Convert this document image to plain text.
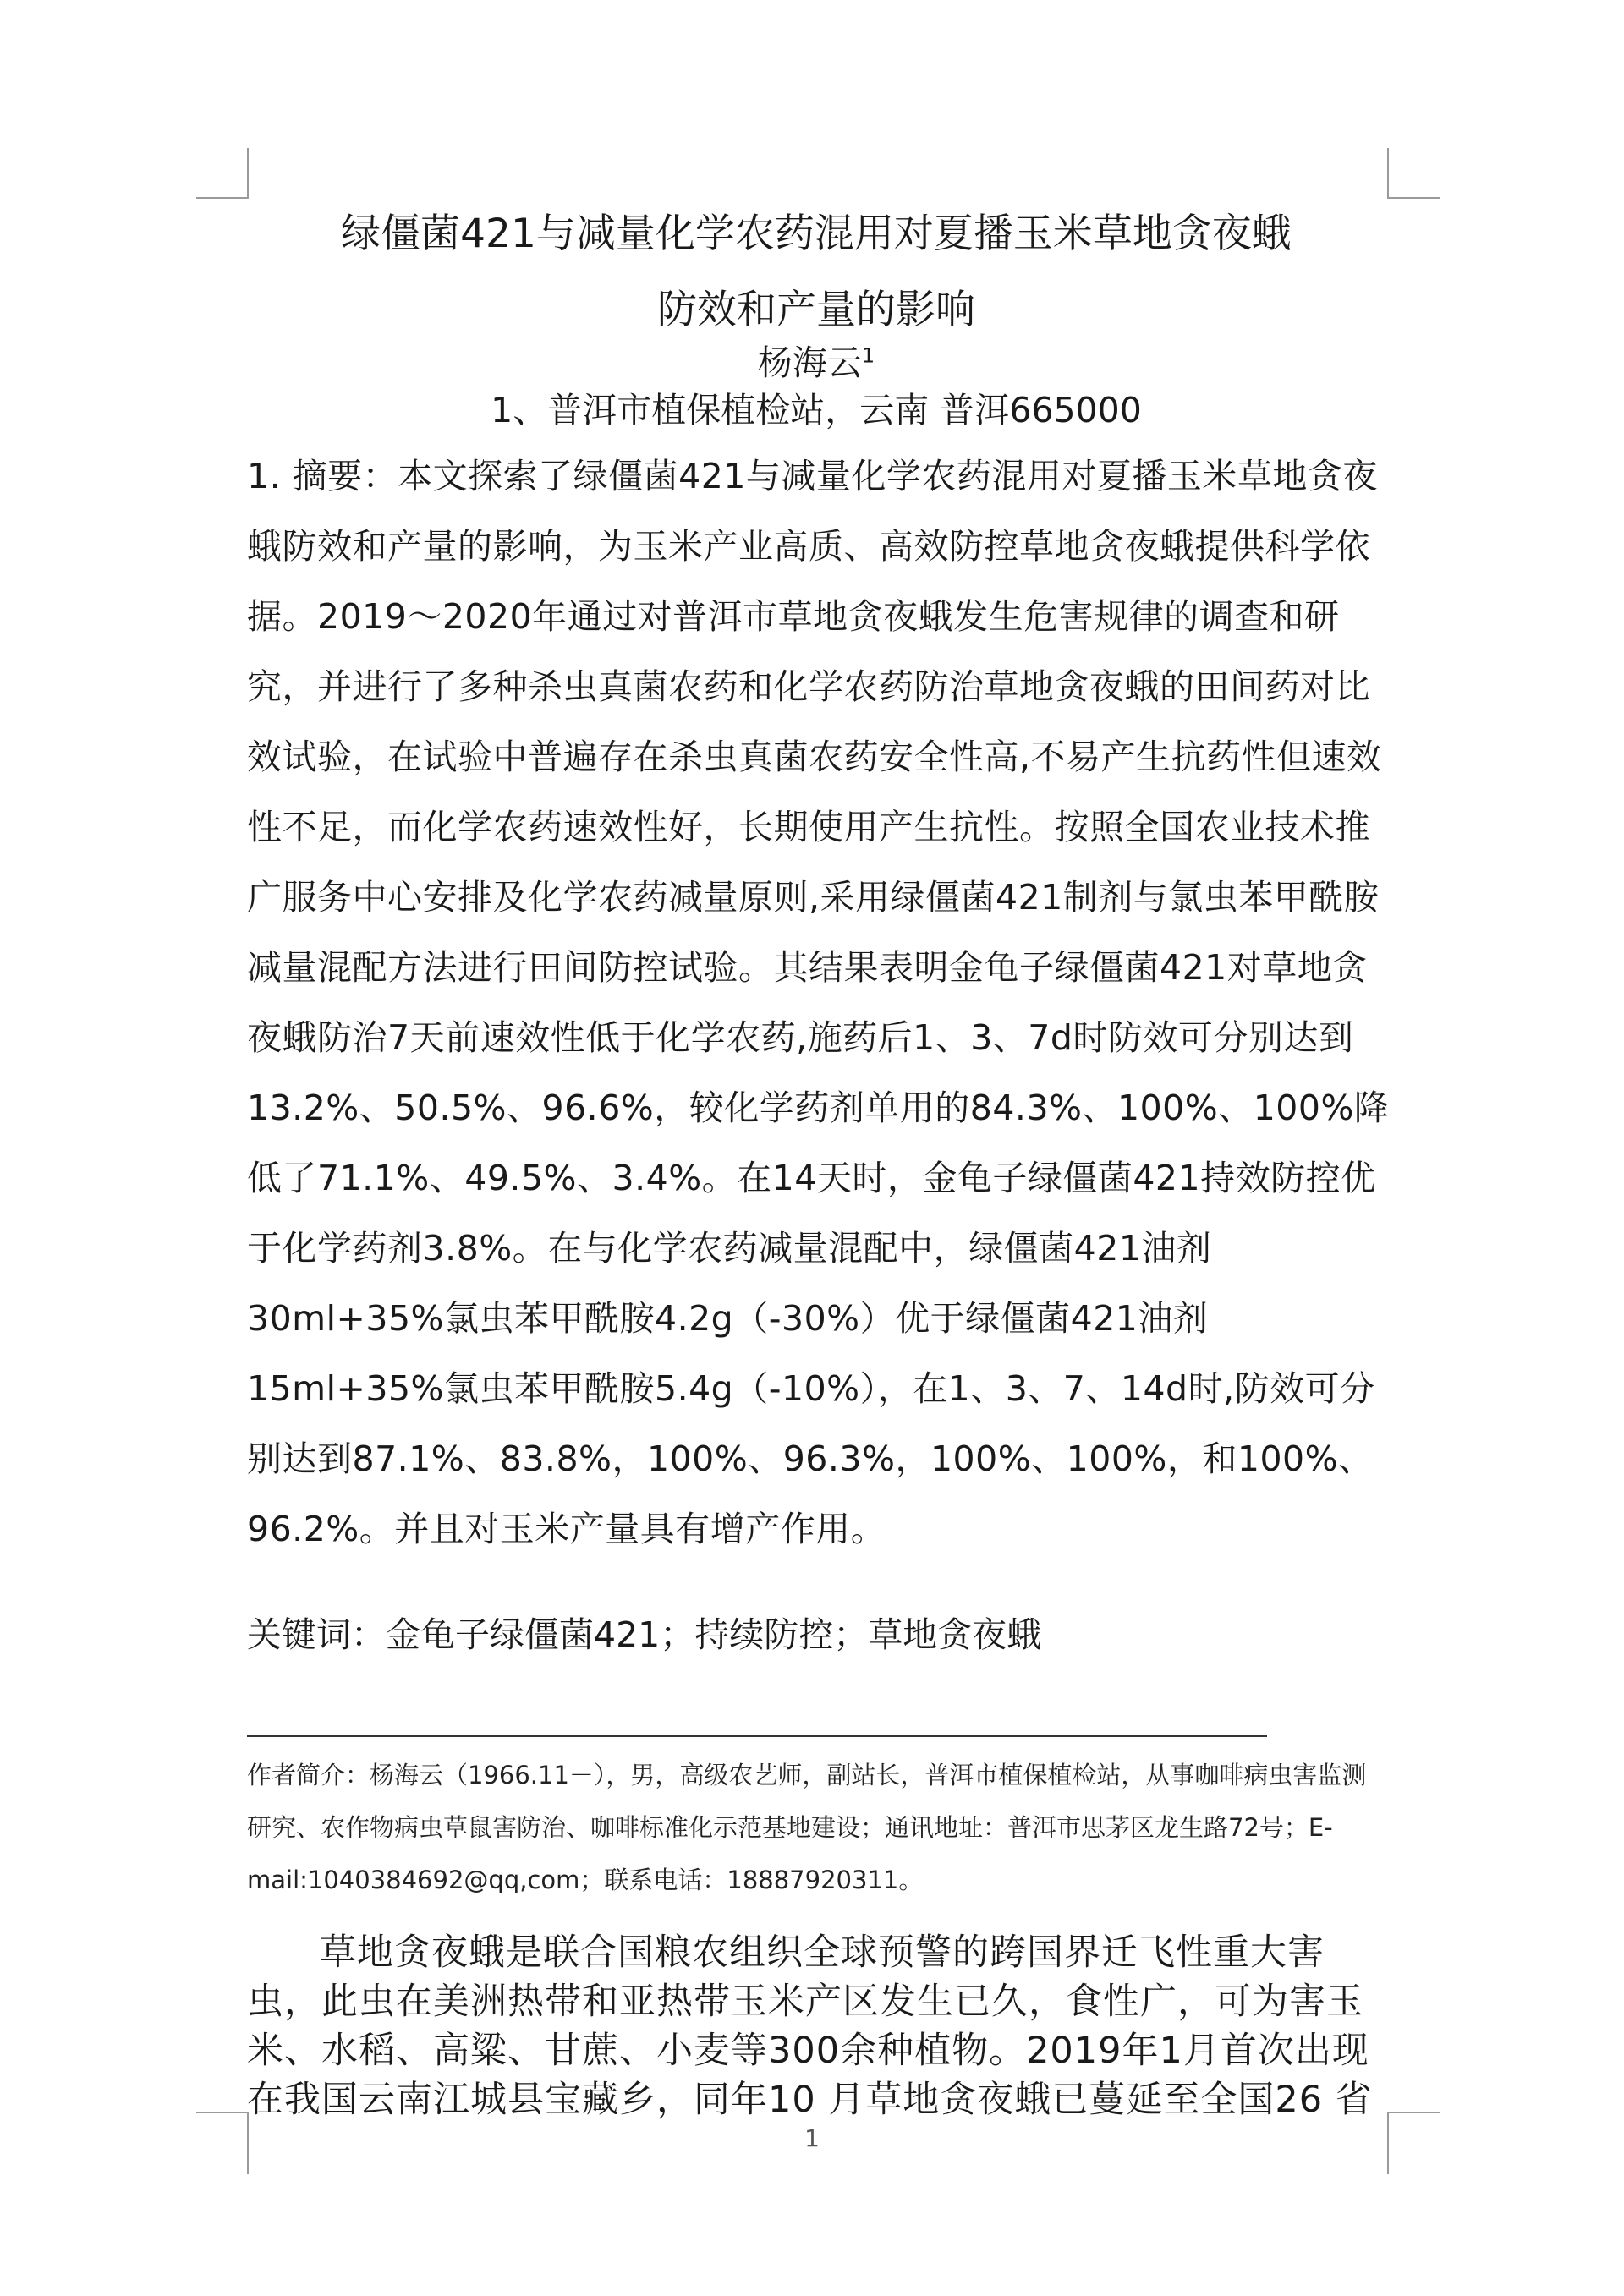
绿僵菌421与减量化学农药混用对夏播玉米草地贪夜蛾
防效和产量的影响
杨海云$^1$
1、普洱市植保植检站，云南 普洱665000
1. 摘要：本文探索了绿僵菌421与减量化学农药混用对夏播玉米草地贪夜蛾防效和产量的影响，为玉米产业高质、高效防控草地贪夜蛾提供科学依据。2019～2020年通过对普洱市草地贪夜蛾发生危害规律的调查和研究，并进行了多种杀虫真菌农药和化学农药防治草地贪夜蛾的田间药对比效试验，在试验中普遍存在杀虫真菌农药安全性高,不易产生抗药性但速效性不足，而化学农药速效性好，长期使用产生抗性。按照全国农业技术推广服务中心安排及化学农药减量原则,采用绿僵菌421制剂与氯虫苯甲酰胺减量混配方法进行田间防控试验。其结果表明金龟子绿僵菌421对草地贪夜蛾防治7天前速效性低于化学农药,施药后1、3、7d时防效可分别达到13.2%、50.5%、96.6%，较化学药剂单用的84.3%、100%、100%降低了71.1%、49.5%、3.4%。在14天时，金龟子绿僵菌421持效防控优于化学药剂3.8%。在与化学农药减量混配中，绿僵菌421油剂30ml+35%氯虫苯甲酰胺4.2g（-30%）优于绿僵菌421油剂15ml+35%氯虫苯甲酰胺5.4g（-10%），在1、3、7、14d时,防效可分别达到87.1%、83.8%，100%、96.3%，100%、100%，和100%、96.2%。并且对玉米产量具有增产作用。
关键词：金龟子绿僵菌421；持续防控；草地贪夜蛾
作者简介：杨海云（1966.11－），男，高级农艺师，副站长，普洱市植保植检站，从事咖啡病虫害监测研究、农作物病虫草鼠害防治、咖啡标准化示范基地建设；通讯地址：普洱市思茅区龙生路72号；E-mail:1040384692@qq,com；联系电话：18887920311。
草地贪夜蛾是联合国粮农组织全球预警的跨国界迁飞性重大害虫，此虫在美洲热带和亚热带玉米产区发生已久，食性广，可为害玉米、水稻、高粱、甘蔗、小麦等300余种植物。2019年1月首次出现在我国云南江城县宝藏乡，同年10 月草地贪夜蛾已蔓延至全国26 省
1
